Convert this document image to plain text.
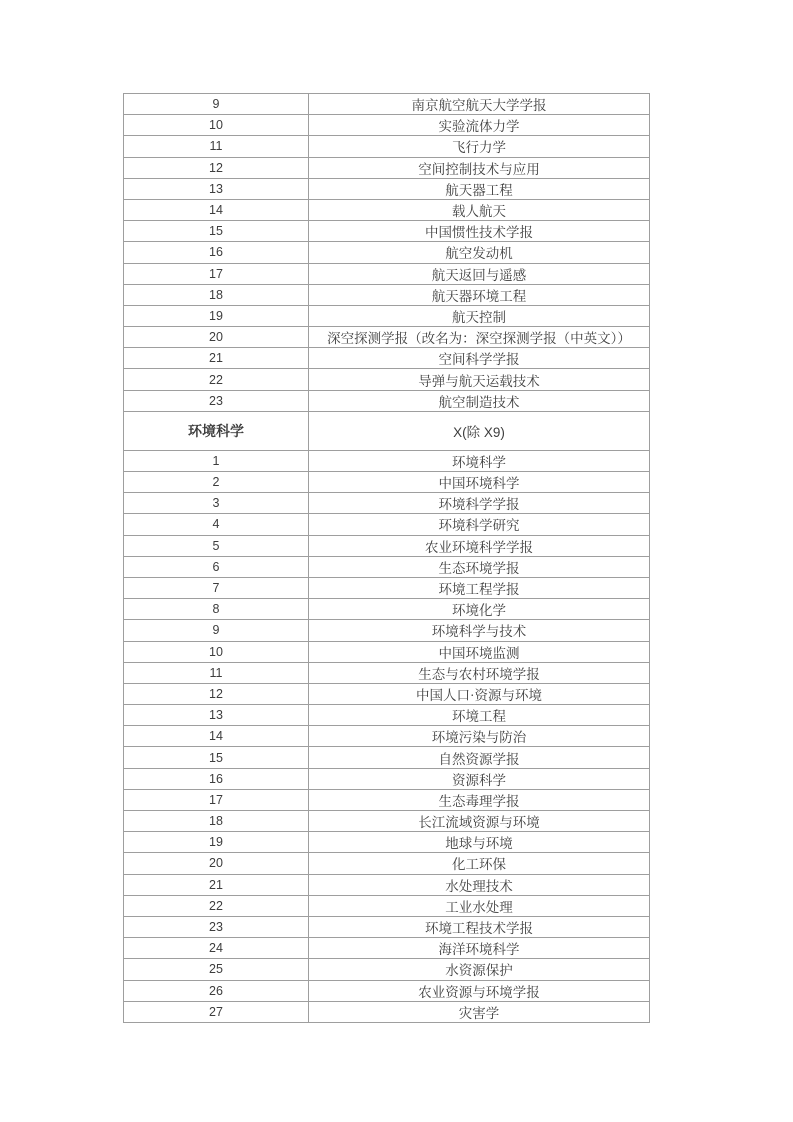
9	南京航空航天大学学报
10	实验流体力学
11	飞行力学
12	空间控制技术与应用
13	航天器工程
14	载人航天
15	中国惯性技术学报
16	航空发动机
17	航天返回与遥感
18	航天器环境工程
19	航天控制
20	深空探测学报（改名为：深空探测学报（中英文））
21	空间科学学报
22	导弹与航天运载技术
23	航空制造技术
环境科学	X(除 X9)
1	环境科学
2	中国环境科学
3	环境科学学报
4	环境科学研究
5	农业环境科学学报
6	生态环境学报
7	环境工程学报
8	环境化学
9	环境科学与技术
10	中国环境监测
11	生态与农村环境学报
12	中国人口·资源与环境
13	环境工程
14	环境污染与防治
15	自然资源学报
16	资源科学
17	生态毒理学报
18	长江流域资源与环境
19	地球与环境
20	化工环保
21	水处理技术
22	工业水处理
23	环境工程技术学报
24	海洋环境科学
25	水资源保护
26	农业资源与环境学报
27	灾害学
